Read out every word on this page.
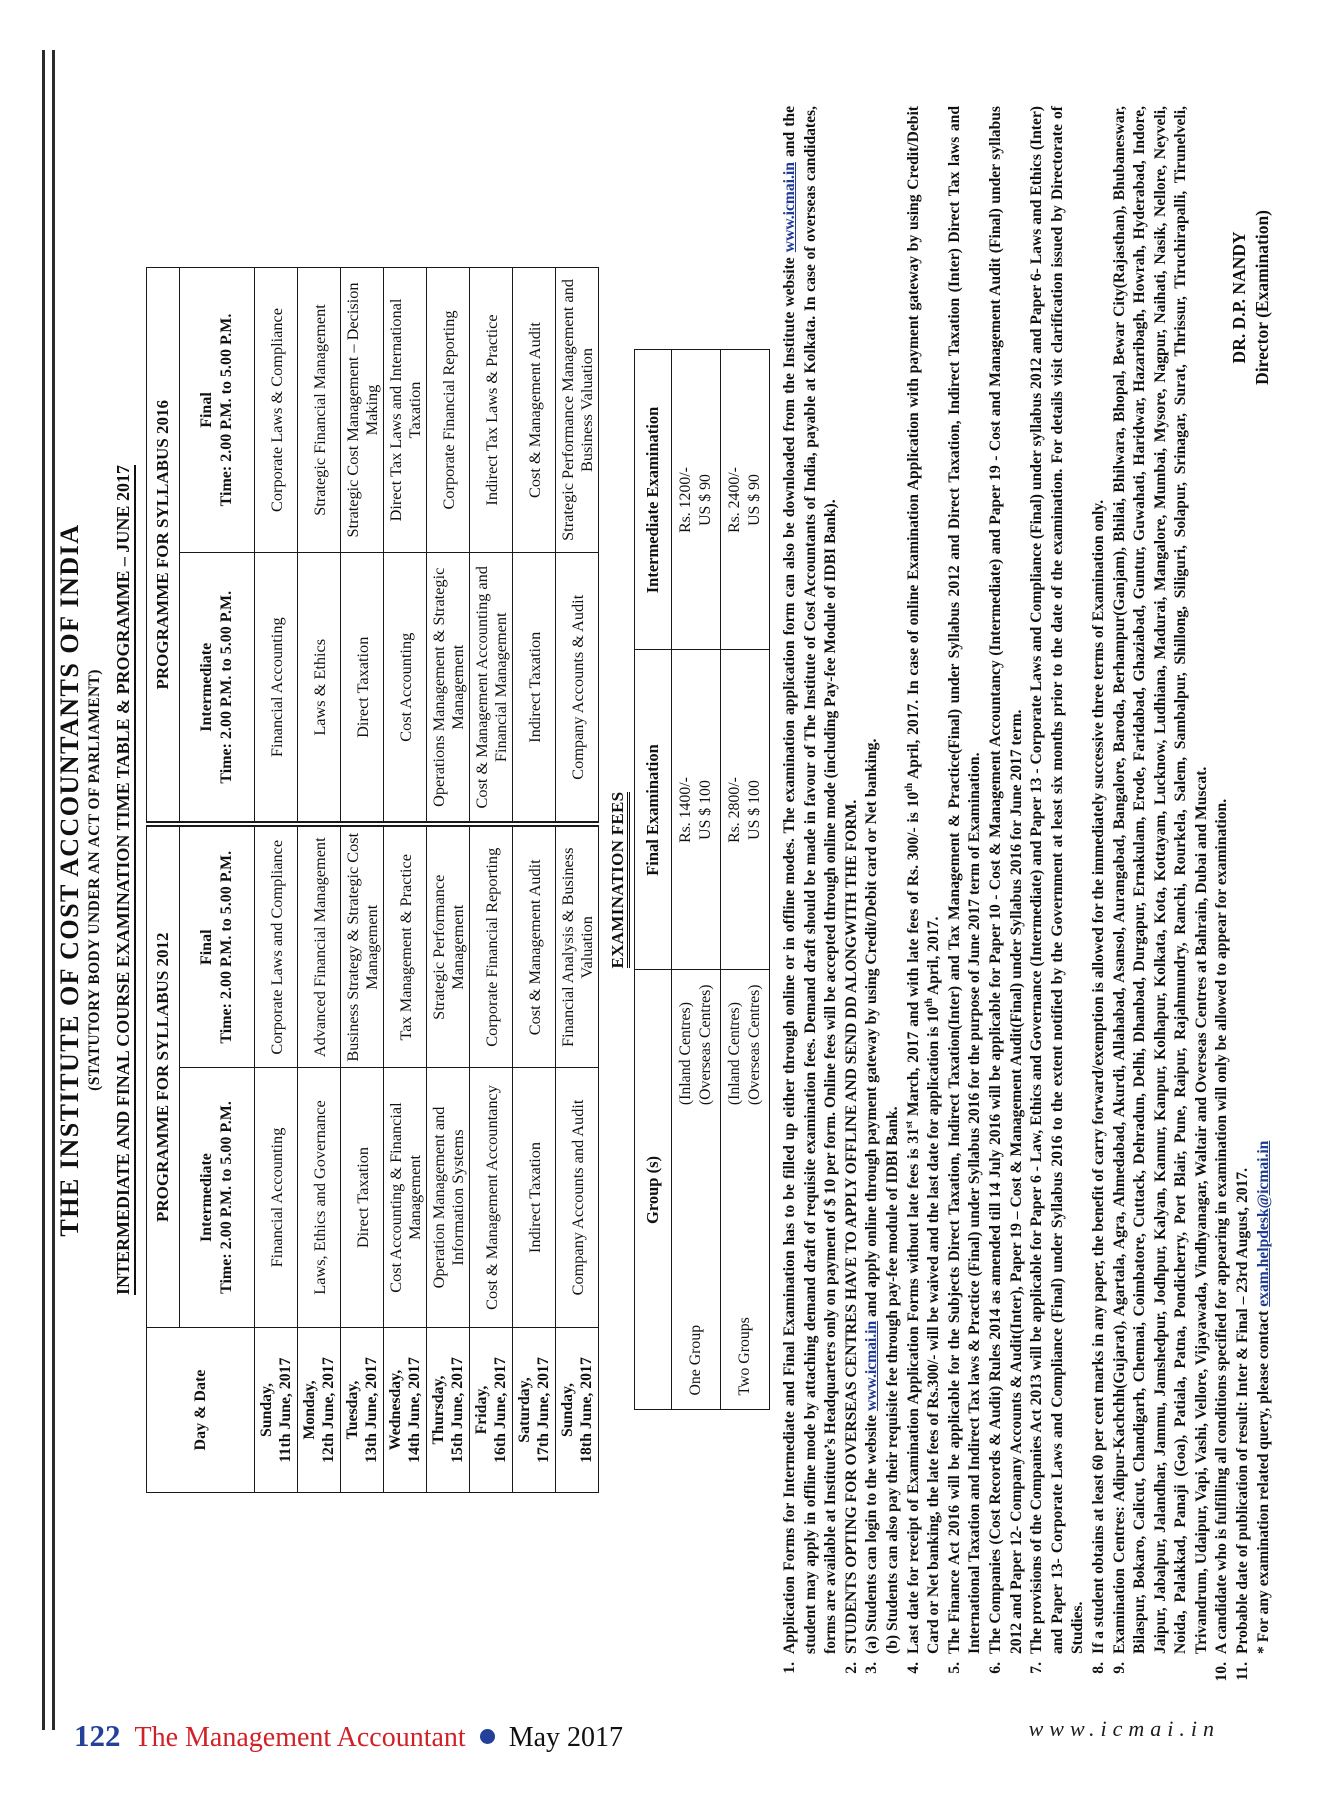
THE INSTITUTE OF COST ACCOUNTANTS OF INDIA (STATUTORY BODY UNDER AN ACT OF PARLIAMENT) INTERMEDIATE AND FINAL COURSE EXAMINATION TIME TABLE & PROGRAMME – JUNE 2017
Day & Date	PROGRAMME FOR SYLLABUS 2012		PROGRAMME FOR SYLLABUS 2016	

Intermediate Time: 2.00 P.M. to 5.00 P.M.

Final Time: 2.00 P.M. to 5.00 P.M.

Intermediate Time: 2.00 P.M. to 5.00 P.M.

Final Time: 2.00 P.M. to 5.00 P.M.

Sunday, 11th June, 2017	Financial Accounting	Corporate Laws and Compliance	Financial Accounting	Corporate Laws & Compliance

Monday, 12th June, 2017	Laws, Ethics and Governance	Advanced Financial Management	Laws & Ethics	Strategic Financial Management

Tuesday, 13th June, 2017	Direct Taxation	Business Strategy & Strategic Cost Management	Direct Taxation	Strategic Cost Management – Decision Making

Wednesday, 14th June, 2017	Cost Accounting & Financial Management	Tax Management & Practice	Cost Accounting	Direct Tax Laws and International Taxation

Thursday, 15th June, 2017	Operation Management and Information Systems	Strategic Performance Management	Operations Management & Strategic Management	Corporate Financial Reporting

Friday, 16th June, 2017	Cost & Management Accountancy	Corporate Financial Reporting	Cost & Management Accounting and Financial Management	Indirect Tax Laws & Practice

Saturday, 17th June, 2017	Indirect Taxation	Cost & Management Audit	Indirect Taxation	Cost & Management Audit

Sunday, 18th June, 2017	Company Accounts and Audit	Financial Analysis & Business Valuation	Company Accounts & Audit	Strategic Performance Management and Business Valuation
EXAMINATION FEES
Group (s)	Final Examination	Intermediate Examination

One Group
(Inland Centres) (Overseas Centres)	Rs. 1400/- US $ 100	Rs. 1200/- US $ 90

Two Groups
(Inland Centres) (Overseas Centres)	Rs. 2800/- US $ 100	Rs. 2400/- US $ 90
1.
Application Forms for Intermediate and Final Examination has to be filled up either through online or in offline modes. The examination application form can also be downloaded from the Institute website www.icmai.in and the student may apply in offline mode by attaching demand draft of requisite examination fees. Demand draft should be made in favour of The Institute of Cost Accountants of India, payable at Kolkata. In case of overseas candidates, forms are available at Institute’s Headquarters only on payment of $ 10 per form. Online fees will be accepted through online mode (including Pay-fee Module of IDBI Bank).
2.
STUDENTS OPTING FOR OVERSEAS CENTRES HAVE TO APPLY OFFLINE AND SEND DD ALONGWITH THE FORM.
3.
(a) Students can login to the website www.icmai.in and apply online through payment gateway by using Credit/Debit card or Net banking.
(b) Students can also pay their requisite fee through pay-fee module of IDBI Bank.
4.
Last date for receipt of Examination Application Forms without late fees is 31st March, 2017 and with late fees of Rs. 300/- is 10th April, 2017. In case of online Examination Application with payment gateway by using Credit/Debit Card or Net banking, the late fees of Rs.300/- will be waived and the last date for application is 10th April, 2017.
5.
The Finance Act 2016 will be applicable for the Subjects Direct Taxation, Indirect Taxation(Inter) and Tax Management & Practice(Final) under Syllabus 2012 and Direct Taxation, Indirect Taxation (Inter) Direct Tax laws and International Taxation and Indirect Tax laws & Practice (Final) under Syllabus 2016 for the purpose of June 2017 term of Examination.
6.
The Companies (Cost Records & Audit) Rules 2014 as amended till 14 July 2016 will be applicable for Paper 10 - Cost & Management Accountancy (Intermediate) and Paper 19 - Cost and Management Audit (Final) under syllabus 2012 and Paper 12- Company Accounts & Audit(Inter), Paper 19 – Cost & Management Audit(Final) under Syllabus 2016 for June 2017 term.
7.
The provisions of the Companies Act 2013 will be applicable for Paper 6 - Law, Ethics and Governance (Intermediate) and Paper 13 - Corporate Laws and Compliance (Final) under syllabus 2012 and Paper 6- Laws and Ethics (Inter) and Paper 13- Corporate Laws and Compliance (Final) under Syllabus 2016 to the extent notified by the Government at least six months prior to the date of the examination. For details visit clarification issued by Directorate of Studies.
8.
If a student obtains at least 60 per cent marks in any paper, the benefit of carry forward/exemption is allowed for the immediately successive three terms of Examination only.
9.
Examination Centres: Adipur-Kachchh(Gujarat), Agartala, Agra, Ahmedabad, Akurdi, Allahabad, Asansol, Aurangabad, Bangalore, Baroda, Berhampur(Ganjam), Bhilai, Bhilwara, Bhopal, Bewar City(Rajasthan), Bhubaneswar, Bilaspur, Bokaro, Calicut, Chandigarh, Chennai, Coimbatore, Cuttack, Dehradun, Delhi, Dhanbad, Durgapur, Ernakulam, Erode, Faridabad, Ghaziabad, Guntur, Guwahati, Haridwar, Hazaribagh, Howrah, Hyderabad, Indore, Jaipur, Jabalpur, Jalandhar, Jammu, Jamshedpur, Jodhpur, Kalyan, Kannur, Kanpur, Kolhapur, Kolkata, Kota, Kottayam, Lucknow, Ludhiana, Madurai, Mangalore, Mumbai, Mysore, Nagpur, Naihati, Nasik, Nellore, Neyveli, Noida, Palakkad, Panaji (Goa), Patiala, Patna, Pondicherry, Port Blair, Pune, Raipur, Rajahmundry, Ranchi, Rourkela, Salem, Sambalpur, Shillong, Siliguri, Solapur, Srinagar, Surat, Thrissur, Tiruchirapalli, Tirunelveli, Trivandrum, Udaipur, Vapi, Vashi, Vellore, Vijayawada, Vindhyanagar, Waltair and Overseas Centres at Bahrain, Dubai and Muscat.
10.
A candidate who is fulfilling all conditions specified for appearing in examination will only be allowed to appear for examination.
11.
Probable date of publication of result: Inter & Final – 23rd August, 2017. * For any examination related query, please contact exam.helpdesk@icmai.in
DR. D.P. NANDY Director (Examination)
122 The Management Accountant May 2017	www.icmai.in
